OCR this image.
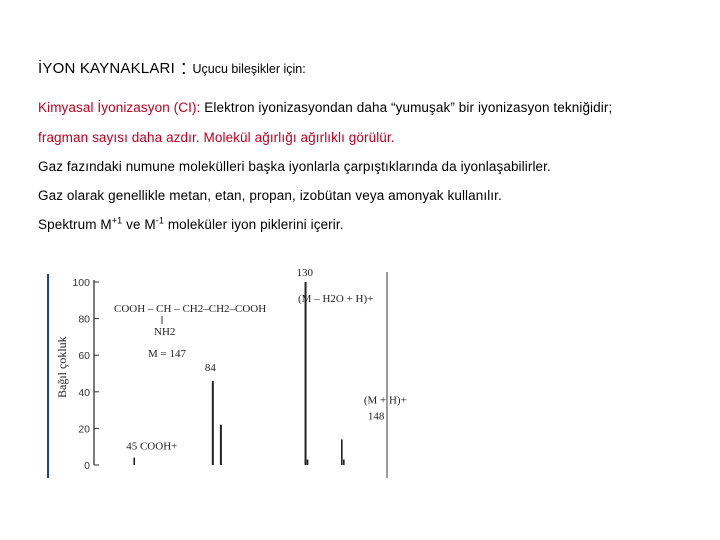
İYON KAYNAKLARI : Uçucu bileşikler için:
Kimyasal İyonizasyon (CI): Elektron iyonizasyondan daha “yumuşak” bir iyonizasyon tekniğidir;
fragman sayısı daha azdır. Molekül ağırlığı ağırlıklı görülür.
Gaz fazındaki numune molekülleri başka iyonlarla çarpıştıklarında da iyonlaşabilirler.
Gaz olarak genellikle metan, etan, propan, izobütan veya amonyak kullanılır.
Spektrum $M^{+1}$ ve $M^{-1}$ moleküler iyon piklerini içerir.
100
80
60
40
20
0
Bağıl çokluk
COOH – CH – CH2–CH2–COOH
NH2
M = 147
(M – H2O + H)+
45 COOH+
84
130
(M + H)+
148
